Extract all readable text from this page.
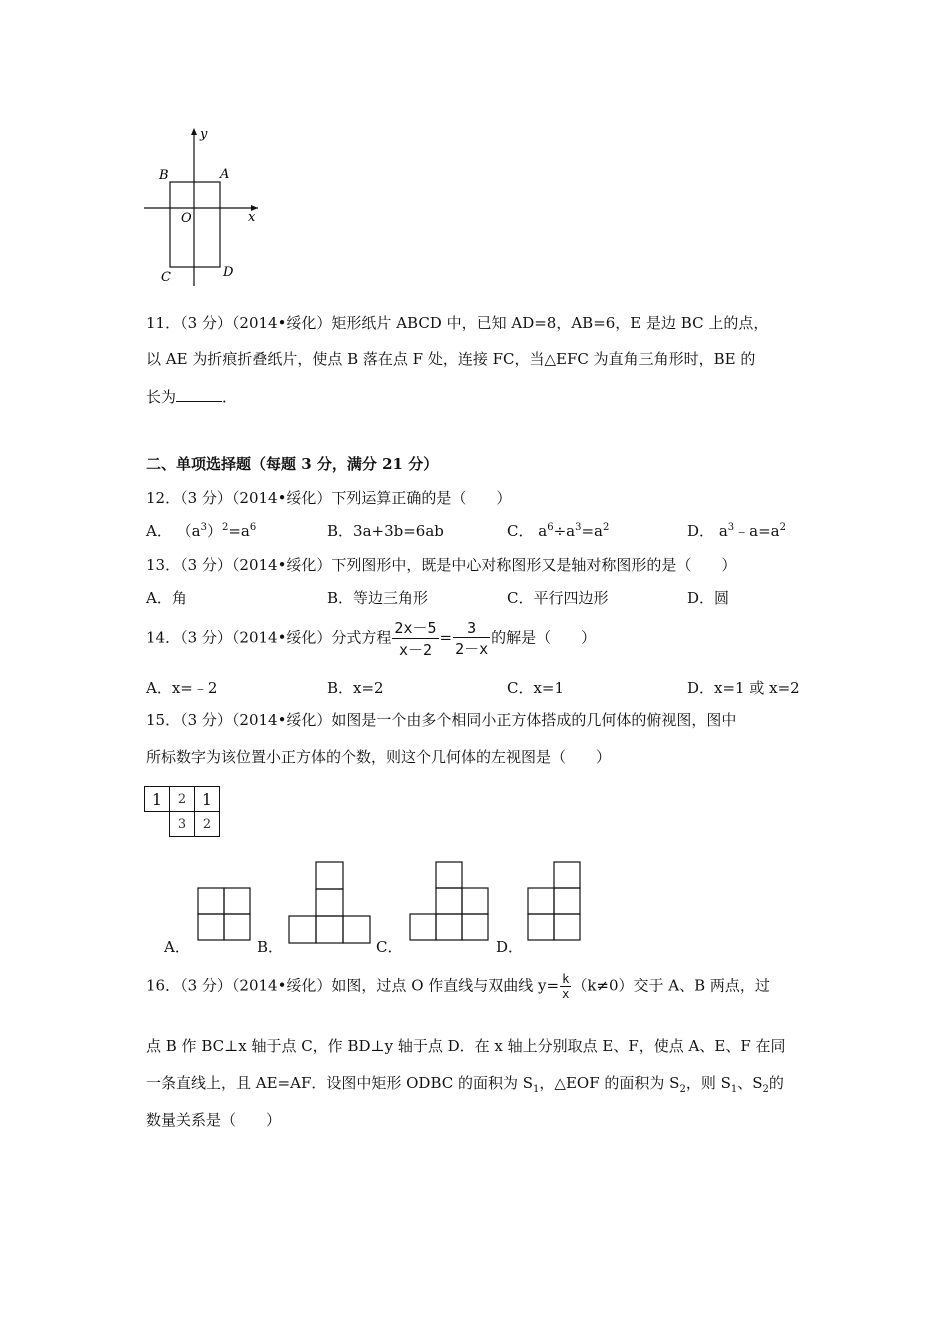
y
x
B	A
O
C	D
11．（3 分）（2014•绥化）矩形纸片 ABCD 中，已知 AD=8，AB=6，E 是边 BC 上的点，
以 AE 为折痕折叠纸片，使点 B 落在点 F 处，连接 FC，当△EFC 为直角三角形时，BE 的
长为	．
二、单项选择题（每题 3 分，满分 21 分）
12．（3 分）（2014•绥化）下列运算正确的是（　　）
A． $(a^3)^2=a^6$	B．3a+3b=6ab	C． $a^6\div a^3=a^2$	D． $a^3﹣a=a^2$
13．（3 分）（2014•绥化）下列图形中，既是中心对称图形又是轴对称图形的是（　　）
A．角	B．等边三角形	C．平行四边形	D．圆
14．（3 分）（2014•绥化）分式方程 $\frac{2x-5}{x-2} = \frac{3}{2-x}$ 的解是（　　）
A．x=﹣2	B．x=2	C．x=1	D．x=1 或 x=2
15．（3 分）（2014•绥化）如图是一个由多个相同小正方体搭成的几何体的俯视图，图中
所标数字为该位置小正方体的个数，则这个几何体的左视图是（　　）
1	2	1
	3	2
A．	B．	C．	D．
16．（3 分）（2014•绥化）如图，过点 O 作直线与双曲线 $y= \frac{k}{x} (k\ne 0)$交于 A、B 两点，过
点 B 作 BC⊥x 轴于点 C，作 BD⊥y 轴于点 D．在 x 轴上分别取点 E、F，使点 A、E、F 在同
一条直线上，且 AE=AF．设图中矩形 ODBC 的面积为 $S_1$，△EOF 的面积为 $S_2$，则 $S_1$、$S_2$的
数量关系是（　　）
